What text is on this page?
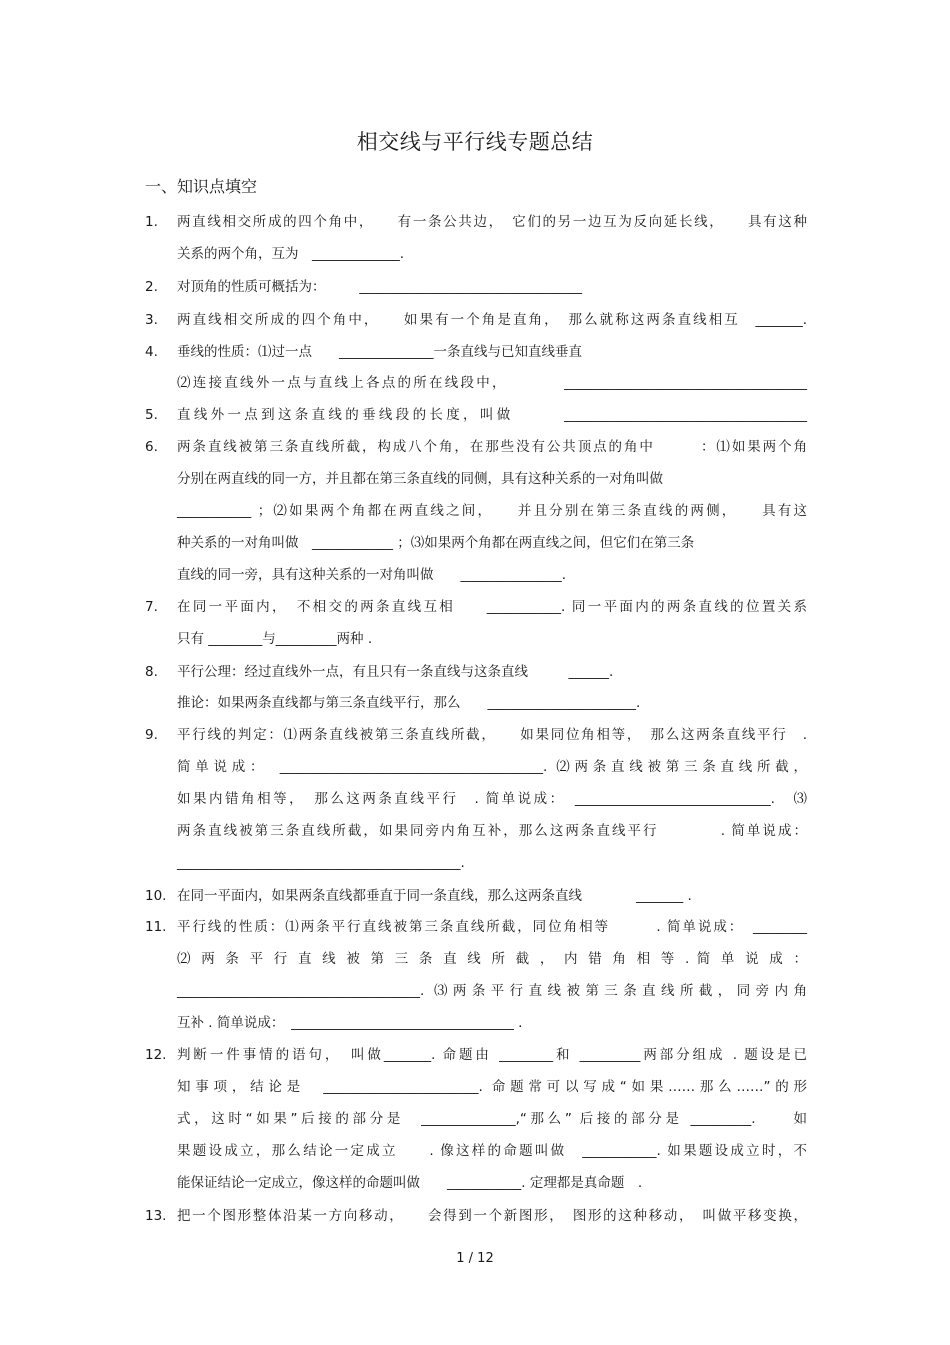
相交线与平行线专题总结
一、知识点填空
1. 两直线相交所成的四个角中，　　有一条公共边，　它们的另一边互为反向延长线，　　具有这种
关系的两个角，互为　_____________.
2. 对顶角的性质可概括为：　　　_________________________________
3. 两直线相交所成的四个角中，　　如果有一个角是直角，　那么就称这两条直线相互　_______.
4. 垂线的性质：⑴过一点　　______________一条直线与已知直线垂直
⑵连接直线外一点与直线上各点的所在线段中，　　　　____________________________________
5. 直线外一点到这条直线的垂线段的长度，叫做　　　____________________________________
6. 两条直线被第三条直线所截，构成八个角，在那些没有公共顶点的角中　　　：⑴如果两个角
分别在两直线的同一方，并且都在第三条直线的同侧，具有这种关系的一对角叫做
___________ ；⑵如果两个角都在两直线之间，　　并且分别在第三条直线的两侧，　　具有这
种关系的一对角叫做　____________ ；⑶如果两个角都在两直线之间，但它们在第三条
直线的同一旁，具有这种关系的一对角叫做　　_______________.
7. 在同一平面内，　不相交的两条直线互相　　___________. 同一平面内的两条直线的位置关系
只有 ________与_________两种 .
8. 平行公理：经过直线外一点，有且只有一条直线与这条直线　　　______.
推论：如果两条直线都与第三条直线平行，那么　　______________________.
9. 平行线的判定：⑴两条直线被第三条直线所截，　　如果同位角相等，　那么这两条直线平行　.
简单说成：　_______________________________________. ⑵两条直线被第三条直线所截，
如果内错角相等，　那么这两条直线平行　. 简单说成：　_____________________________.　⑶
两条直线被第三条直线所截，如果同旁内角互补，那么这两条直线平行　　　　. 简单说成：
__________________________________________.
10. 在同一平面内，如果两条直线都垂直于同一条直线，那么这两条直线　　　　_______ .
11. 平行线的性质：⑴两条平行直线被第三条直线所截，同位角相等　　　. 简单说成：　________
⑵ 两 条 平 行 直 线 被 第 三 条 直 线 所 截 ， 内 错 角 相 等 . 简 单 说 成 ：
____________________________________. ⑶两条平行直线被第三条直线所截，同旁内角
互补 . 简单说成：　_________________________________ .
12. 判断一件事情的语句，　叫做_______. 命题由 ________和 _________两部分组成 . 题设是已
知事项，结论是　_______________________. 命题常可以写成“如果……那么……”的形
式，这时“如果”后接的部分是　______________,“那么” 后接的部分是 _________.　　如
果题设成立，那么结论一定成立　　. 像这样的命题叫做　___________. 如果题设成立时，不
能保证结论一定成立，像这样的命题叫做　　___________. 定理都是真命题　.
13. 把一个图形整体沿某一方向移动，　　会得到一个新图形，　图形的这种移动，　叫做平移变换，
1 / 12
